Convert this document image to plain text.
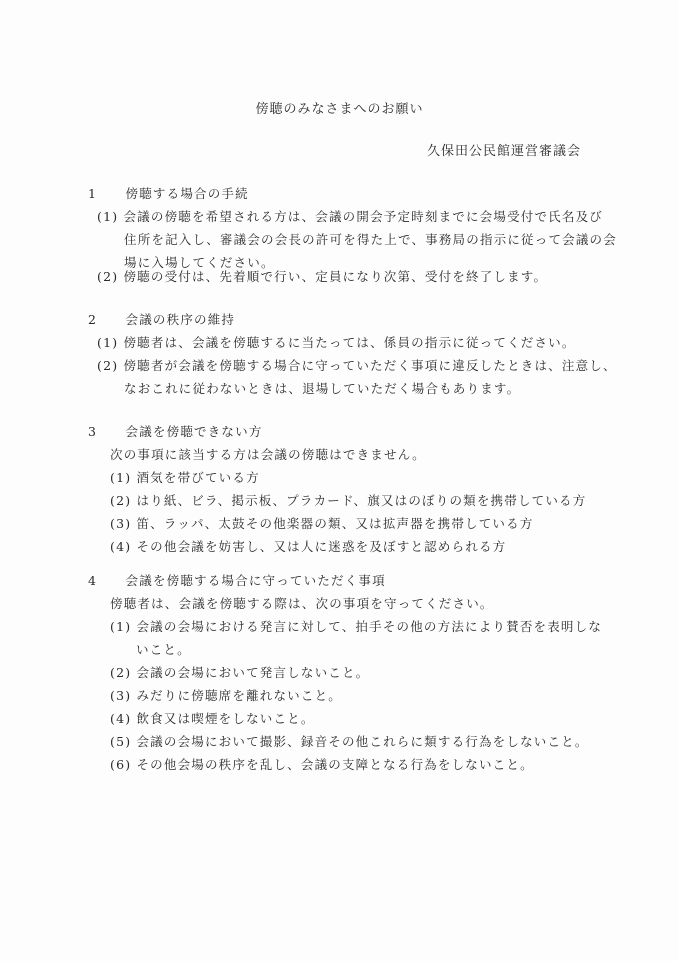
傍聴のみなさまへのお願い
久保田公民館運営審議会
1 傍聴する場合の手続
(1) 会議の傍聴を希望される方は、会議の開会予定時刻までに会場受付で氏名及び
住所を記入し、審議会の会長の許可を得た上で、事務局の指示に従って会議の会
場に入場してください。
(2) 傍聴の受付は、先着順で行い、定員になり次第、受付を終了します。
2 会議の秩序の維持
(1) 傍聴者は、会議を傍聴するに当たっては、係員の指示に従ってください。
(2) 傍聴者が会議を傍聴する場合に守っていただく事項に違反したときは、注意し、
なおこれに従わないときは、退場していただく場合もあります。
3 会議を傍聴できない方
次の事項に該当する方は会議の傍聴はできません。
(1) 酒気を帯びている方
(2) はり紙、ビラ、掲示板、プラカード、旗又はのぼりの類を携帯している方
(3) 笛、ラッパ、太鼓その他楽器の類、又は拡声器を携帯している方
(4) その他会議を妨害し、又は人に迷惑を及ぼすと認められる方
4 会議を傍聴する場合に守っていただく事項
傍聴者は、会議を傍聴する際は、次の事項を守ってください。
(1) 会議の会場における発言に対して、拍手その他の方法により賛否を表明しな
いこと。
(2) 会議の会場において発言しないこと。
(3) みだりに傍聴席を離れないこと。
(4) 飲食又は喫煙をしないこと。
(5) 会議の会場において撮影、録音その他これらに類する行為をしないこと。
(6) その他会場の秩序を乱し、会議の支障となる行為をしないこと。
